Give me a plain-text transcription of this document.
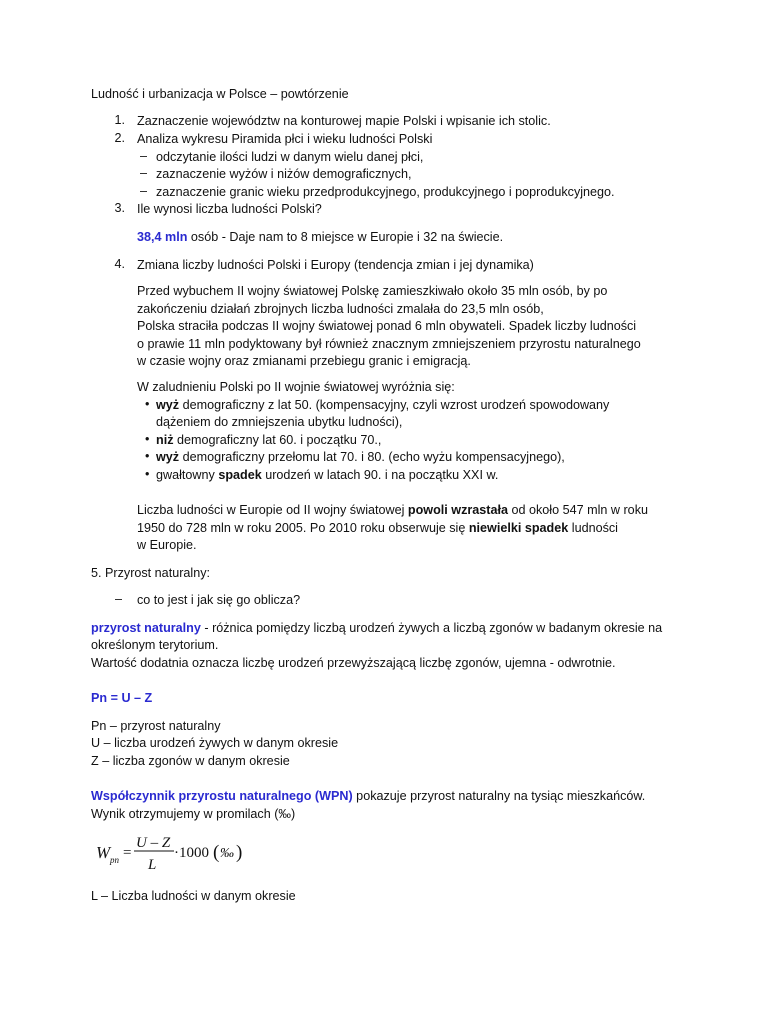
Ludność i urbanizacja w Polsce – powtórzenie
1. Zaznaczenie województw na konturowej mapie Polski i wpisanie ich stolic.
2. Analiza wykresu Piramida płci i wieku ludności Polski
– odczytanie ilości ludzi w danym wielu danej płci,
– zaznaczenie wyżów i niżów demograficznych,
– zaznaczenie granic wieku przedprodukcyjnego, produkcyjnego i poprodukcyjnego.
3. Ile wynosi liczba ludności Polski?
38,4 mln osób - Daje nam to 8 miejsce w Europie i 32 na świecie.
4. Zmiana liczby ludności Polski i Europy (tendencja zmian i jej dynamika)
Przed wybuchem II wojny światowej Polskę zamieszkiwało około 35 mln osób, by po
zakończeniu działań zbrojnych liczba ludności zmalała do 23,5 mln osób,
Polska straciła podczas II wojny światowej ponad 6 mln obywateli. Spadek liczby ludności
o prawie 11 mln podyktowany był również znacznym zmniejszeniem przyrostu naturalnego
w czasie wojny oraz zmianami przebiegu granic i emigracją.
W zaludnieniu Polski po II wojnie światowej wyróżnia się:
• wyż demograficzny z lat 50. (kompensacyjny, czyli wzrost urodzeń spowodowany
dążeniem do zmniejszenia ubytku ludności),
• niż demograficzny lat 60. i początku 70.,
• wyż demograficzny przełomu lat 70. i 80. (echo wyżu kompensacyjnego),
• gwałtowny spadek urodzeń w latach 90. i na początku XXI w.
Liczba ludności w Europie od II wojny światowej powoli wzrastała od około 547 mln w roku
1950 do 728 mln w roku 2005. Po 2010 roku obserwuje się niewielki spadek ludności
w Europie.
5. Przyrost naturalny:
– co to jest i jak się go oblicza?
przyrost naturalny - różnica pomiędzy liczbą urodzeń żywych a liczbą zgonów w badanym okresie na
określonym terytorium.
Wartość dodatnia oznacza liczbę urodzeń przewyższającą liczbę zgonów, ujemna - odwrotnie.
Pn = U – Z
Pn – przyrost naturalny
U – liczba urodzeń żywych w danym okresie
Z – liczba zgonów w danym okresie
Współczynnik przyrostu naturalnego (WPN) pokazuje przyrost naturalny na tysiąc mieszkańców.
Wynik otrzymujemy w promilach (‰)
W pn =
U – Z
L
·1000 ( ‰ )
L – Liczba ludności w danym okresie
